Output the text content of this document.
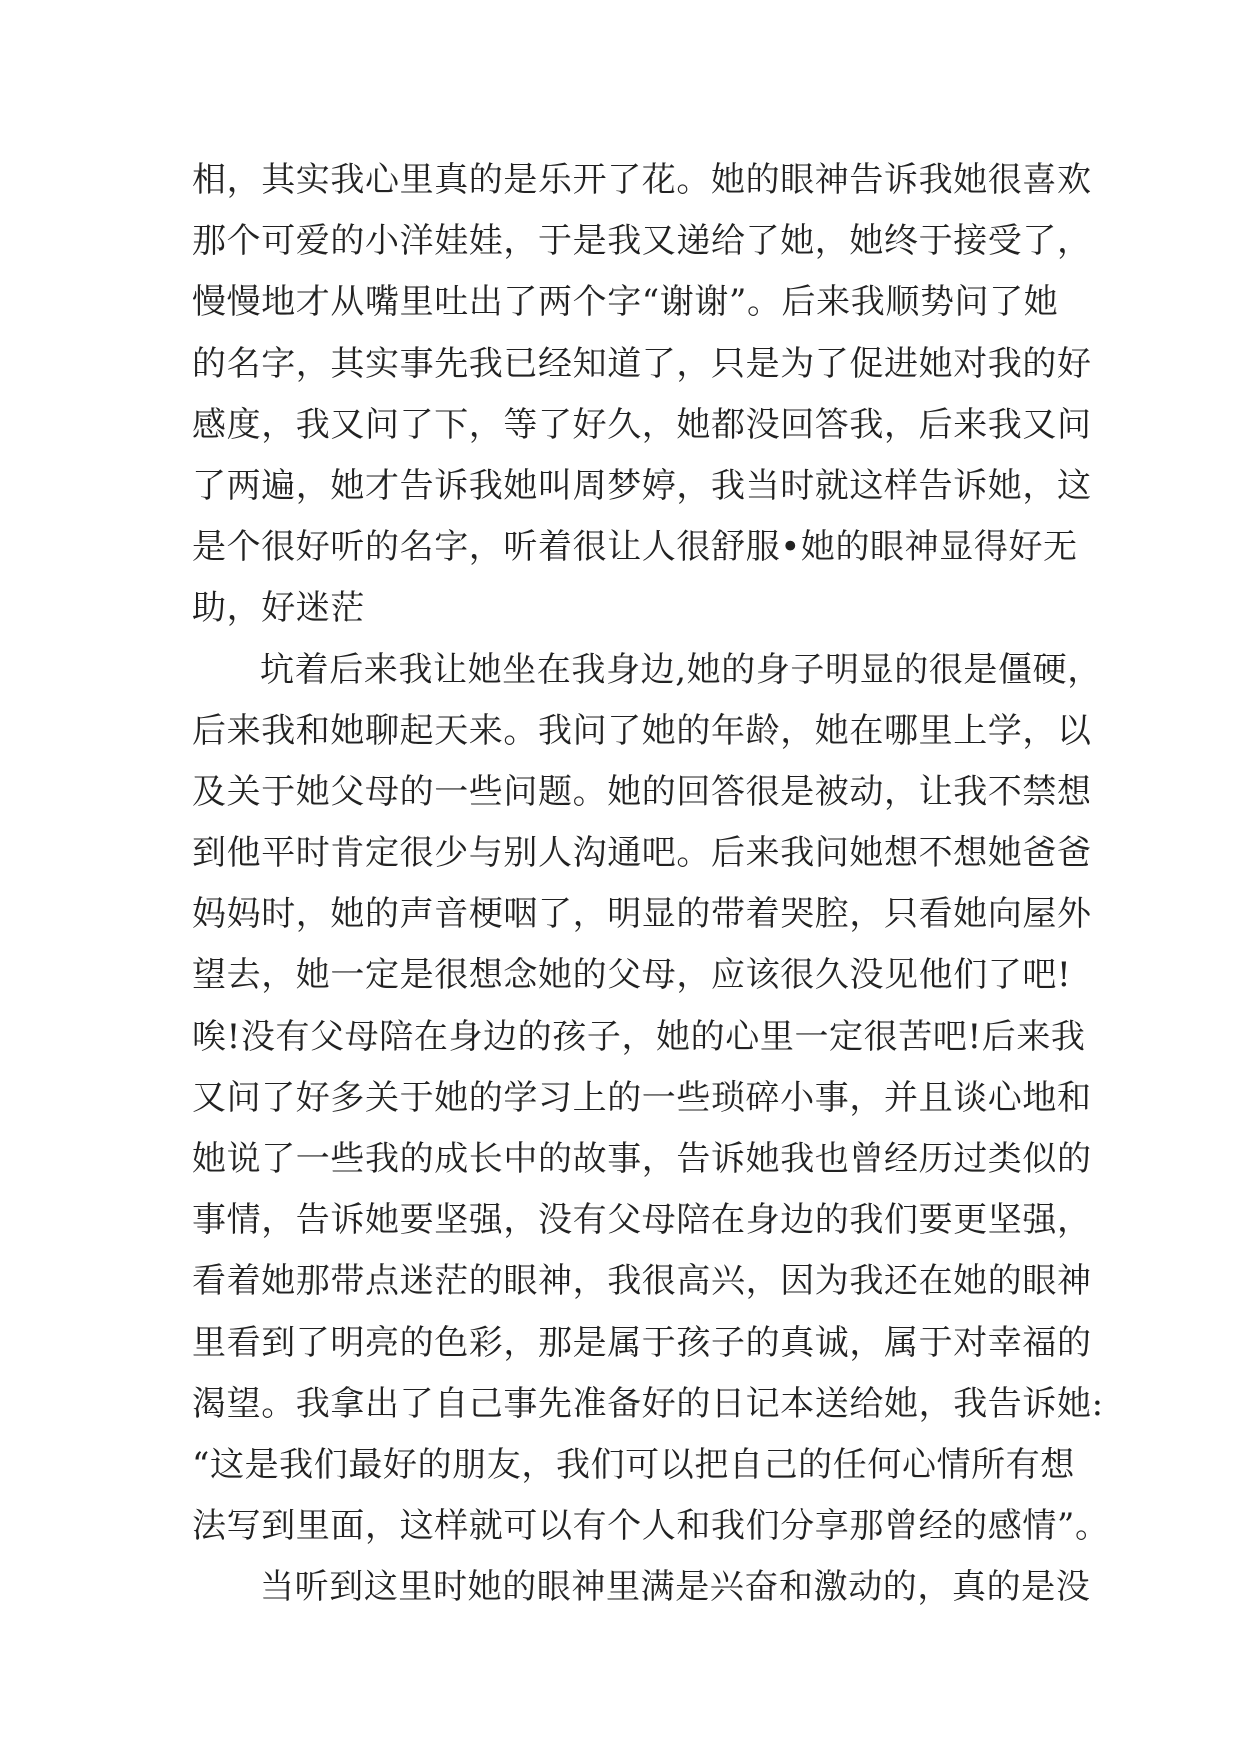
相，其实我心里真的是乐开了花。她的眼神告诉我她很喜欢
那个可爱的小洋娃娃，于是我又递给了她，她终于接受了，
慢慢地才从嘴里吐出了两个字“谢谢”。后来我顺势问了她
的名字，其实事先我已经知道了，只是为了促进她对我的好
感度，我又问了下，等了好久，她都没回答我，后来我又问
了两遍，她才告诉我她叫周梦婷，我当时就这样告诉她，这
是个很好听的名字，听着很让人很舒服•她的眼神显得好无
助，好迷茫
坑着后来我让她坐在我身边,她的身子明显的很是僵硬，
后来我和她聊起天来。我问了她的年龄，她在哪里上学，以
及关于她父母的一些问题。她的回答很是被动，让我不禁想
到他平时肯定很少与别人沟通吧。后来我问她想不想她爸爸
妈妈时，她的声音梗咽了，明显的带着哭腔，只看她向屋外
望去，她一定是很想念她的父母，应该很久没见他们了吧!
唉!没有父母陪在身边的孩子，她的心里一定很苦吧!后来我
又问了好多关于她的学习上的一些琐碎小事，并且谈心地和
她说了一些我的成长中的故事，告诉她我也曾经历过类似的
事情，告诉她要坚强，没有父母陪在身边的我们要更坚强，
看着她那带点迷茫的眼神，我很高兴，因为我还在她的眼神
里看到了明亮的色彩，那是属于孩子的真诚，属于对幸福的
渴望。我拿出了自己事先准备好的日记本送给她，我告诉她:
“这是我们最好的朋友，我们可以把自己的任何心情所有想
法写到里面，这样就可以有个人和我们分享那曾经的感情”。
当听到这里时她的眼神里满是兴奋和激动的，真的是没
